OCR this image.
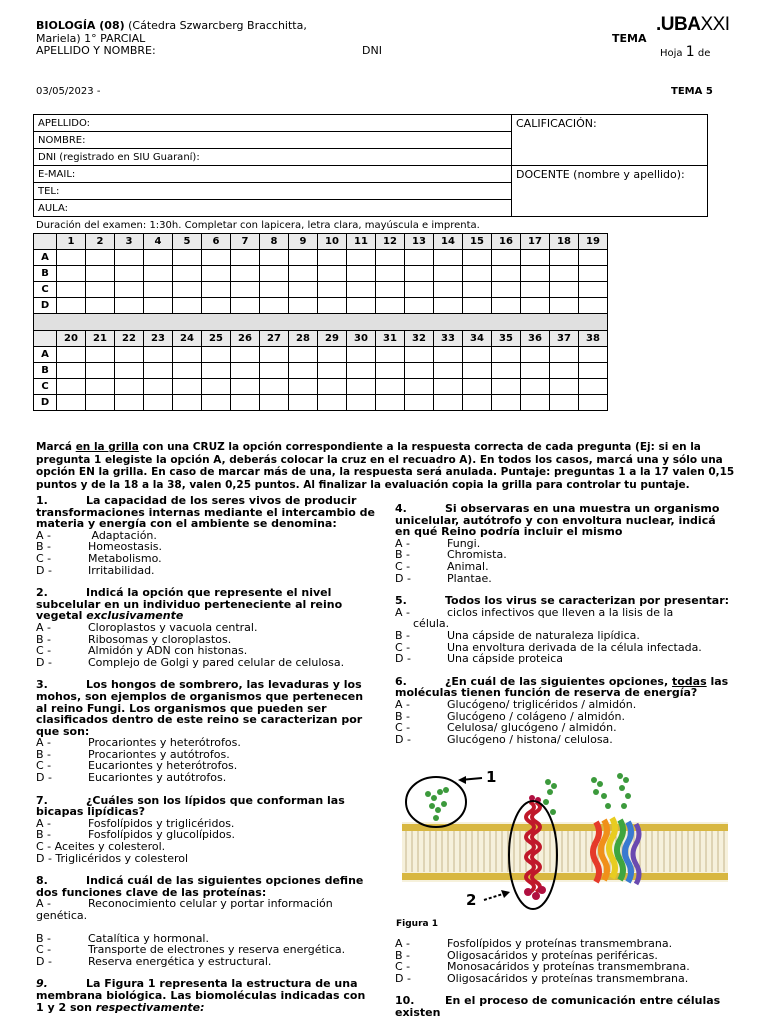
BIOLOGÍA (08) (Cátedra Szwarcberg Bracchitta,
Mariela) 1° PARCIAL
APELLIDO Y NOMBRE:	DNI
TEMA
.UBAXXI
Hoja 1 de
03/05/2023 -	TEMA 5
APELLIDO:	CALIFICACIÓN:
NOMBRE:	
DNI (registrado en SIU Guaraní):	
E-MAIL:	DOCENTE (nombre y apellido):
TEL:	
AULA:	
Duración del examen: 1:30h. Completar con lapicera, letra clara, mayúscula e imprenta.
	1	2	3	4	5	6	7	8	9	10	11	12	13	14	15	16	17	18	19
A																			
B																			
C																			
D																			

	20	21	22	23	24	25	26	27	28	29	30	31	32	33	34	35	36	37	38
A																			
B																			
C																			
D																			
Marcá en la grilla con una CRUZ la opción correspondiente a la respuesta correcta de cada pregunta (Ej: si en la pregunta 1 elegiste la opción A, deberás colocar la cruz en el recuadro A). En todos los casos, marcá una y sólo una opción EN la grilla. En caso de marcar más de una, la respuesta será anulada. Puntaje: preguntas 1 a la 17 valen 0,15 puntos y de la 18 a la 38, valen 0,25 puntos. Al finalizar la evaluación copia la grilla para controlar tu puntaje.
1.	La capacidad de los seres vivos de producir transformaciones internas mediante el intercambio de materia y energía con el ambiente se denomina:
A -	Adaptación.
B -	Homeostasis.
C -	Metabolismo.
D -	Irritabilidad.
2.	Indicá la opción que represente el nivel subcelular en un individuo perteneciente al reino vegetal exclusivamente
A -	Cloroplastos y vacuola central.
B -	Ribosomas y cloroplastos.
C -	Almidón y ADN con histonas.
D -	Complejo de Golgi y pared celular de celulosa.
3.	Los hongos de sombrero, las levaduras y los mohos, son ejemplos de organismos que pertenecen al reino Fungi. Los organismos que pueden ser clasificados dentro de este reino se caracterizan por que son:
A -	Procariontes y heterótrofos.
B -	Procariontes y autótrofos.
C -	Eucariontes y heterótrofos.
D -	Eucariontes y autótrofos.
7.	¿Cuáles son los lípidos que conforman las bicapas lipídicas?
A -	Fosfolípidos y triglicéridos.
B -	Fosfolípidos y glucolípidos.
C - Aceites y colesterol.
D - Triglicéridos y colesterol
8.	Indicá cuál de las siguientes opciones define dos funciones clave de las proteínas:
A -	Reconocimiento celular y portar información
genética.
B -	Catalítica y hormonal.
C -	Transporte de electrones y reserva energética.
D -	Reserva energética y estructural.
9.	La Figura 1 representa la estructura de una membrana biológica. Las biomoléculas indicadas con 1 y 2 son respectivamente:
4.	Si observaras en una muestra un organismo unicelular, autótrofo y con envoltura nuclear, indicá en qué Reino podría incluir el mismo
A -	Fungi.
B -	Chromista.
C -	Animal.
D -	Plantae.
5.	Todos los virus se caracterizan por presentar:
A -	ciclos infectivos que lleven a la lisis de la
célula.
B -	Una cápside de naturaleza lipídica.
C -	Una envoltura derivada de la célula infectada.
D -	Una cápside proteica
6.	¿En cuál de las siguientes opciones, todas las moléculas tienen función de reserva de energía?
A -	Glucógeno/ triglicéridos / almidón.
B -	Glucógeno / colágeno / almidón.
C -	Celulosa/ glucógeno / almidón.
D -	Glucógeno / histona/ celulosa.
1
2
Figura 1
A -	Fosfolípidos y proteínas transmembrana.
B -	Oligosacáridos y proteínas periféricas.
C -	Monosacáridos y proteínas transmembrana.
D -	Oligosacáridos y proteínas transmembrana.
10.	En el proceso de comunicación entre células existen
